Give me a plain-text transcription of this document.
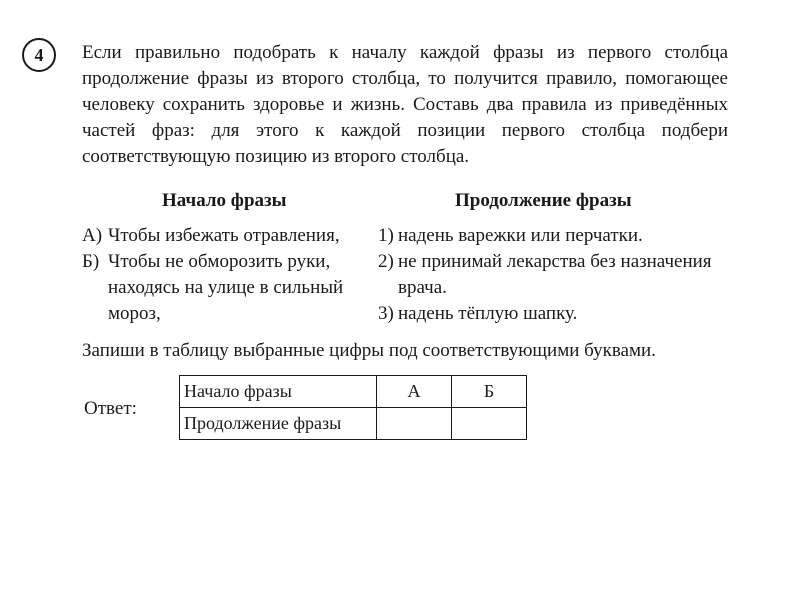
4 Если правильно подобрать к началу каждой фразы из первого столбца продолжение фразы из второго столбца, то получится правило, помогающее человеку сохранить здоровье и жизнь. Составь два правила из приведённых частей фраз: для этого к каждой позиции первого столбца подбери соответствующую позицию из второго столбца.

Начало фразы	Продолжение фразы
А) Чтобы избежать отравления,
Б) Чтобы не обморозить руки, находясь на улице в сильный мороз,
1) надень варежки или перчатки.
2) не принимай лекарства без назначения врача.
3) надень тёплую шапку.

Запиши в таблицу выбранные цифры под соответствующими буквами.

Ответ:
Начало фразы	А	Б
Продолжение фразы		
